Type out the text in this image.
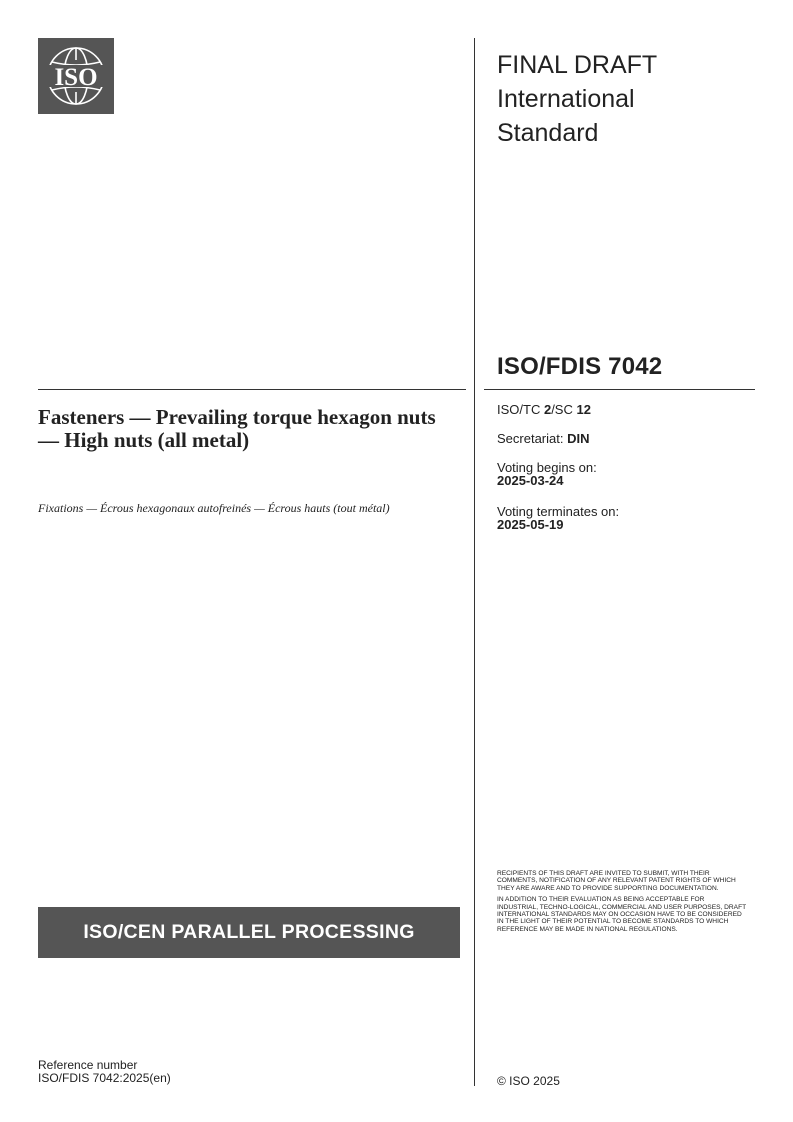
ISO	FINAL DRAFT
International
Standard
ISO/FDIS 7042
Fasteners — Prevailing torque hexagon nuts — High nuts (all metal)
Fixations — Écrous hexagonaux autofreinés — Écrous hauts (tout métal)
ISO/TC 2/SC 12
Secretariat: DIN
Voting begins on:
2025-03-24
Voting terminates on:
2025-05-19

RECIPIENTS OF THIS DRAFT ARE INVITED TO SUBMIT, WITH THEIR COMMENTS, NOTIFICATION OF ANY RELEVANT PATENT RIGHTS OF WHICH THEY ARE AWARE AND TO PROVIDE SUPPORTING DOCUMENTATION.

IN ADDITION TO THEIR EVALUATION AS BEING ACCEPTABLE FOR INDUSTRIAL, TECHNO-LOGICAL, COMMERCIAL AND USER PURPOSES, DRAFT INTERNATIONAL STANDARDS MAY ON OCCASION HAVE TO BE CONSIDERED IN THE LIGHT OF THEIR POTENTIAL TO BECOME STANDARDS TO WHICH REFERENCE MAY BE MADE IN NATIONAL REGULATIONS.

ISO/CEN PARALLEL PROCESSING
Reference number
ISO/FDIS 7042:2025(en)	© ISO 2025
